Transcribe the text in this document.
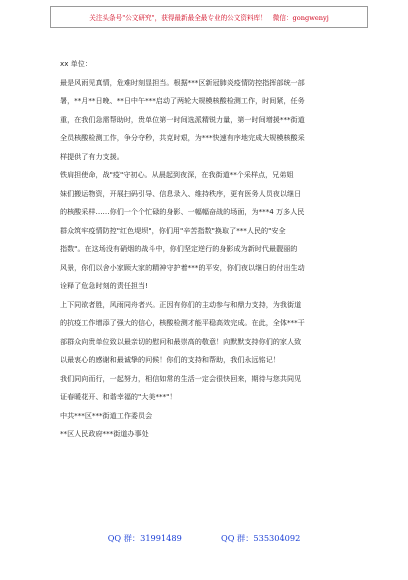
关注头条号"公文研究"，获得最新最全最专业的公文资料库！ 微信：gongwenyj

xx 单位：

最是风雨见真情，危难时刻显担当。根据***区新冠肺炎疫情防控指挥部统一部

署，**月**日晚、**日中午***启动了两轮大规模核酸检测工作，时间紧，任务

重，在我们急需帮助时，贵单位第一时间选派精锐力量，第一时间增援***街道

全员核酸检测工作，争分夺秒，共克时艰，为***快速有序地完成大规模核酸采

样提供了有力支援。

铁肩担使命，战"疫"守初心。从晨起到夜深，在我街道**个采样点，兄弟姐

妹们搬运物资，开展扫码引导、信息录入、维持秩序，更有医务人员夜以继日

的核酸采样……你们一个个忙碌的身影、一幅幅奋战的场面，为***4 万多人民

群众筑牢疫情防控"红色堤坝"，你们用"辛苦指数"换取了***人民的"安全

指数"。在这场没有硝烟的战斗中，你们坚定逆行的身影成为新时代最靓丽的

风景，你们以舍小家顾大家的精神守护着***的平安，你们夜以继日的付出生动

诠释了危急时刻的责任担当!

上下同欲者胜，风雨同舟者兴。正因有你们的主动参与和鼎力支持，为我街道

的抗疫工作增添了强大的信心，核酸检测才能平稳高效完成。在此，全体***干

部群众向贵单位致以最亲切的慰问和最崇高的敬意！向默默支持你们的家人致

以最衷心的感谢和最诚挚的问候！你们的支持和帮助，我们永远铭记！

我们同向而行，一起努力，相信如常的生活一定会很快回来，期待与您共同见

证春暖花开、和谐幸福的"大美***"！

中共***区***街道工作委员会

**区人民政府***街道办事处

QQ 群：31991489	QQ 群：535304092
